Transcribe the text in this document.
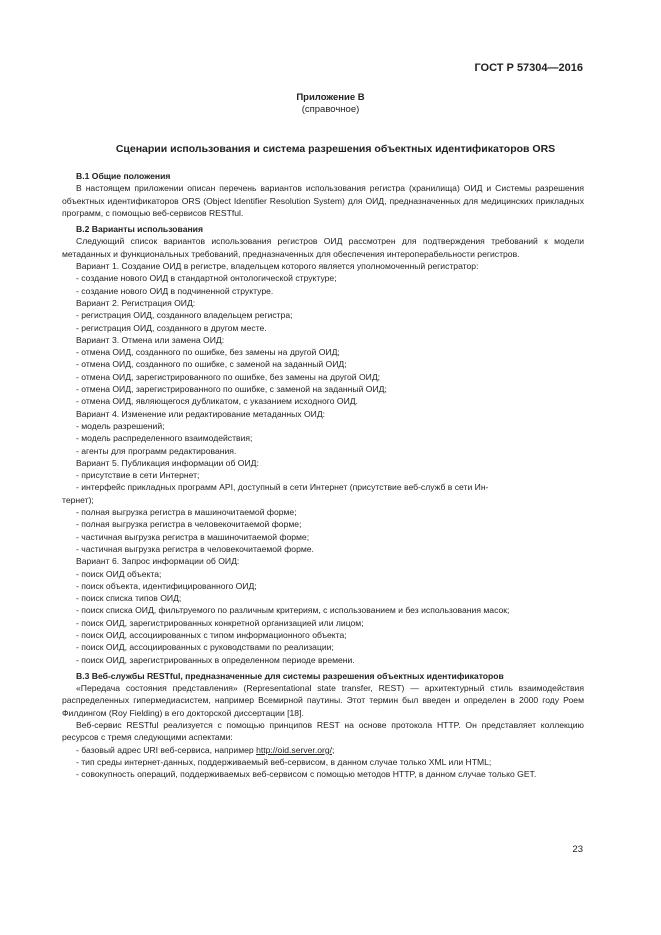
ГОСТ Р 57304—2016
Приложение В
(справочное)
Сценарии использования и система разрешения объектных идентификаторов ORS

В.1 Общие положения

В настоящем приложении описан перечень вариантов использования регистра (хранилища) ОИД и Системы разрешения объектных идентификаторов ORS (Object Identifier Resolution System) для ОИД, предназначенных для медицинских прикладных программ, с помощью веб-сервисов RESTful.

В.2 Варианты использования

Следующий список вариантов использования регистров ОИД рассмотрен для подтверждения требований к модели метаданных и функциональных требований, предназначенных для обеспечения интероперабельности регистров.

Вариант 1. Создание ОИД в регистре, владельцем которого является уполномоченный регистратор:

- создание нового ОИД в стандартной онтологической структуре;

- создание нового ОИД в подчиненной структуре.

Вариант 2. Регистрация ОИД:

- регистрация ОИД, созданного владельцем регистра;

- регистрация ОИД, созданного в другом месте.

Вариант 3. Отмена или замена ОИД:

- отмена ОИД, созданного по ошибке, без замены на другой ОИД;

- отмена ОИД, созданного по ошибке, с заменой на заданный ОИД;

- отмена ОИД, зарегистрированного по ошибке, без замены на другой ОИД;

- отмена ОИД, зарегистрированного по ошибке, с заменой на заданный ОИД;

- отмена ОИД, являющегося дубликатом, с указанием исходного ОИД.

Вариант 4. Изменение или редактирование метаданных ОИД:

- модель разрешений;

- модель распределенного взаимодействия;

- агенты для программ редактирования.

Вариант 5. Публикация информации об ОИД:

- присутствие в сети Интернет;

- интерфейс прикладных программ API, доступный в сети Интернет (присутствие веб-служб в сети Ин-

тернет);

- полная выгрузка регистра в машиночитаемой форме;

- полная выгрузка регистра в человекочитаемой форме;

- частичная выгрузка регистра в машиночитаемой форме;

- частичная выгрузка регистра в человекочитаемой форме.

Вариант 6. Запрос информации об ОИД:

- поиск ОИД объекта;

- поиск объекта, идентифицированного ОИД;

- поиск списка типов ОИД;

- поиск списка ОИД, фильтруемого по различным критериям, с использованием и без использования масок;

- поиск ОИД, зарегистрированных конкретной организацией или лицом;

- поиск ОИД, ассоциированных с типом информационного объекта;

- поиск ОИД, ассоциированных с руководствами по реализации;

- поиск ОИД, зарегистрированных в определенном периоде времени.

В.3 Веб-службы RESTful, предназначенные для системы разрешения объектных идентификаторов

«Передача состояния представления» (Representational state transfer, REST) — архитектурный стиль взаимодействия распределенных гипермедиасистем, например Всемирной паутины. Этот термин был введен и определен в 2000 году Роем Филдингом (Roy Fielding) в его докторской диссертации [18].

Веб-сервис RESTful реализуется с помощью принципов REST на основе протокола HTTP. Он представляет коллекцию ресурсов с тремя следующими аспектами:

- базовый адрес URI веб-сервиса, например http://oid.server.org/;

- тип среды интернет-данных, поддерживаемый веб-сервисом, в данном случае только XML или HTML;

- совокупность операций, поддерживаемых веб-сервисом с помощью методов HTTP, в данном случае только GET.

23
